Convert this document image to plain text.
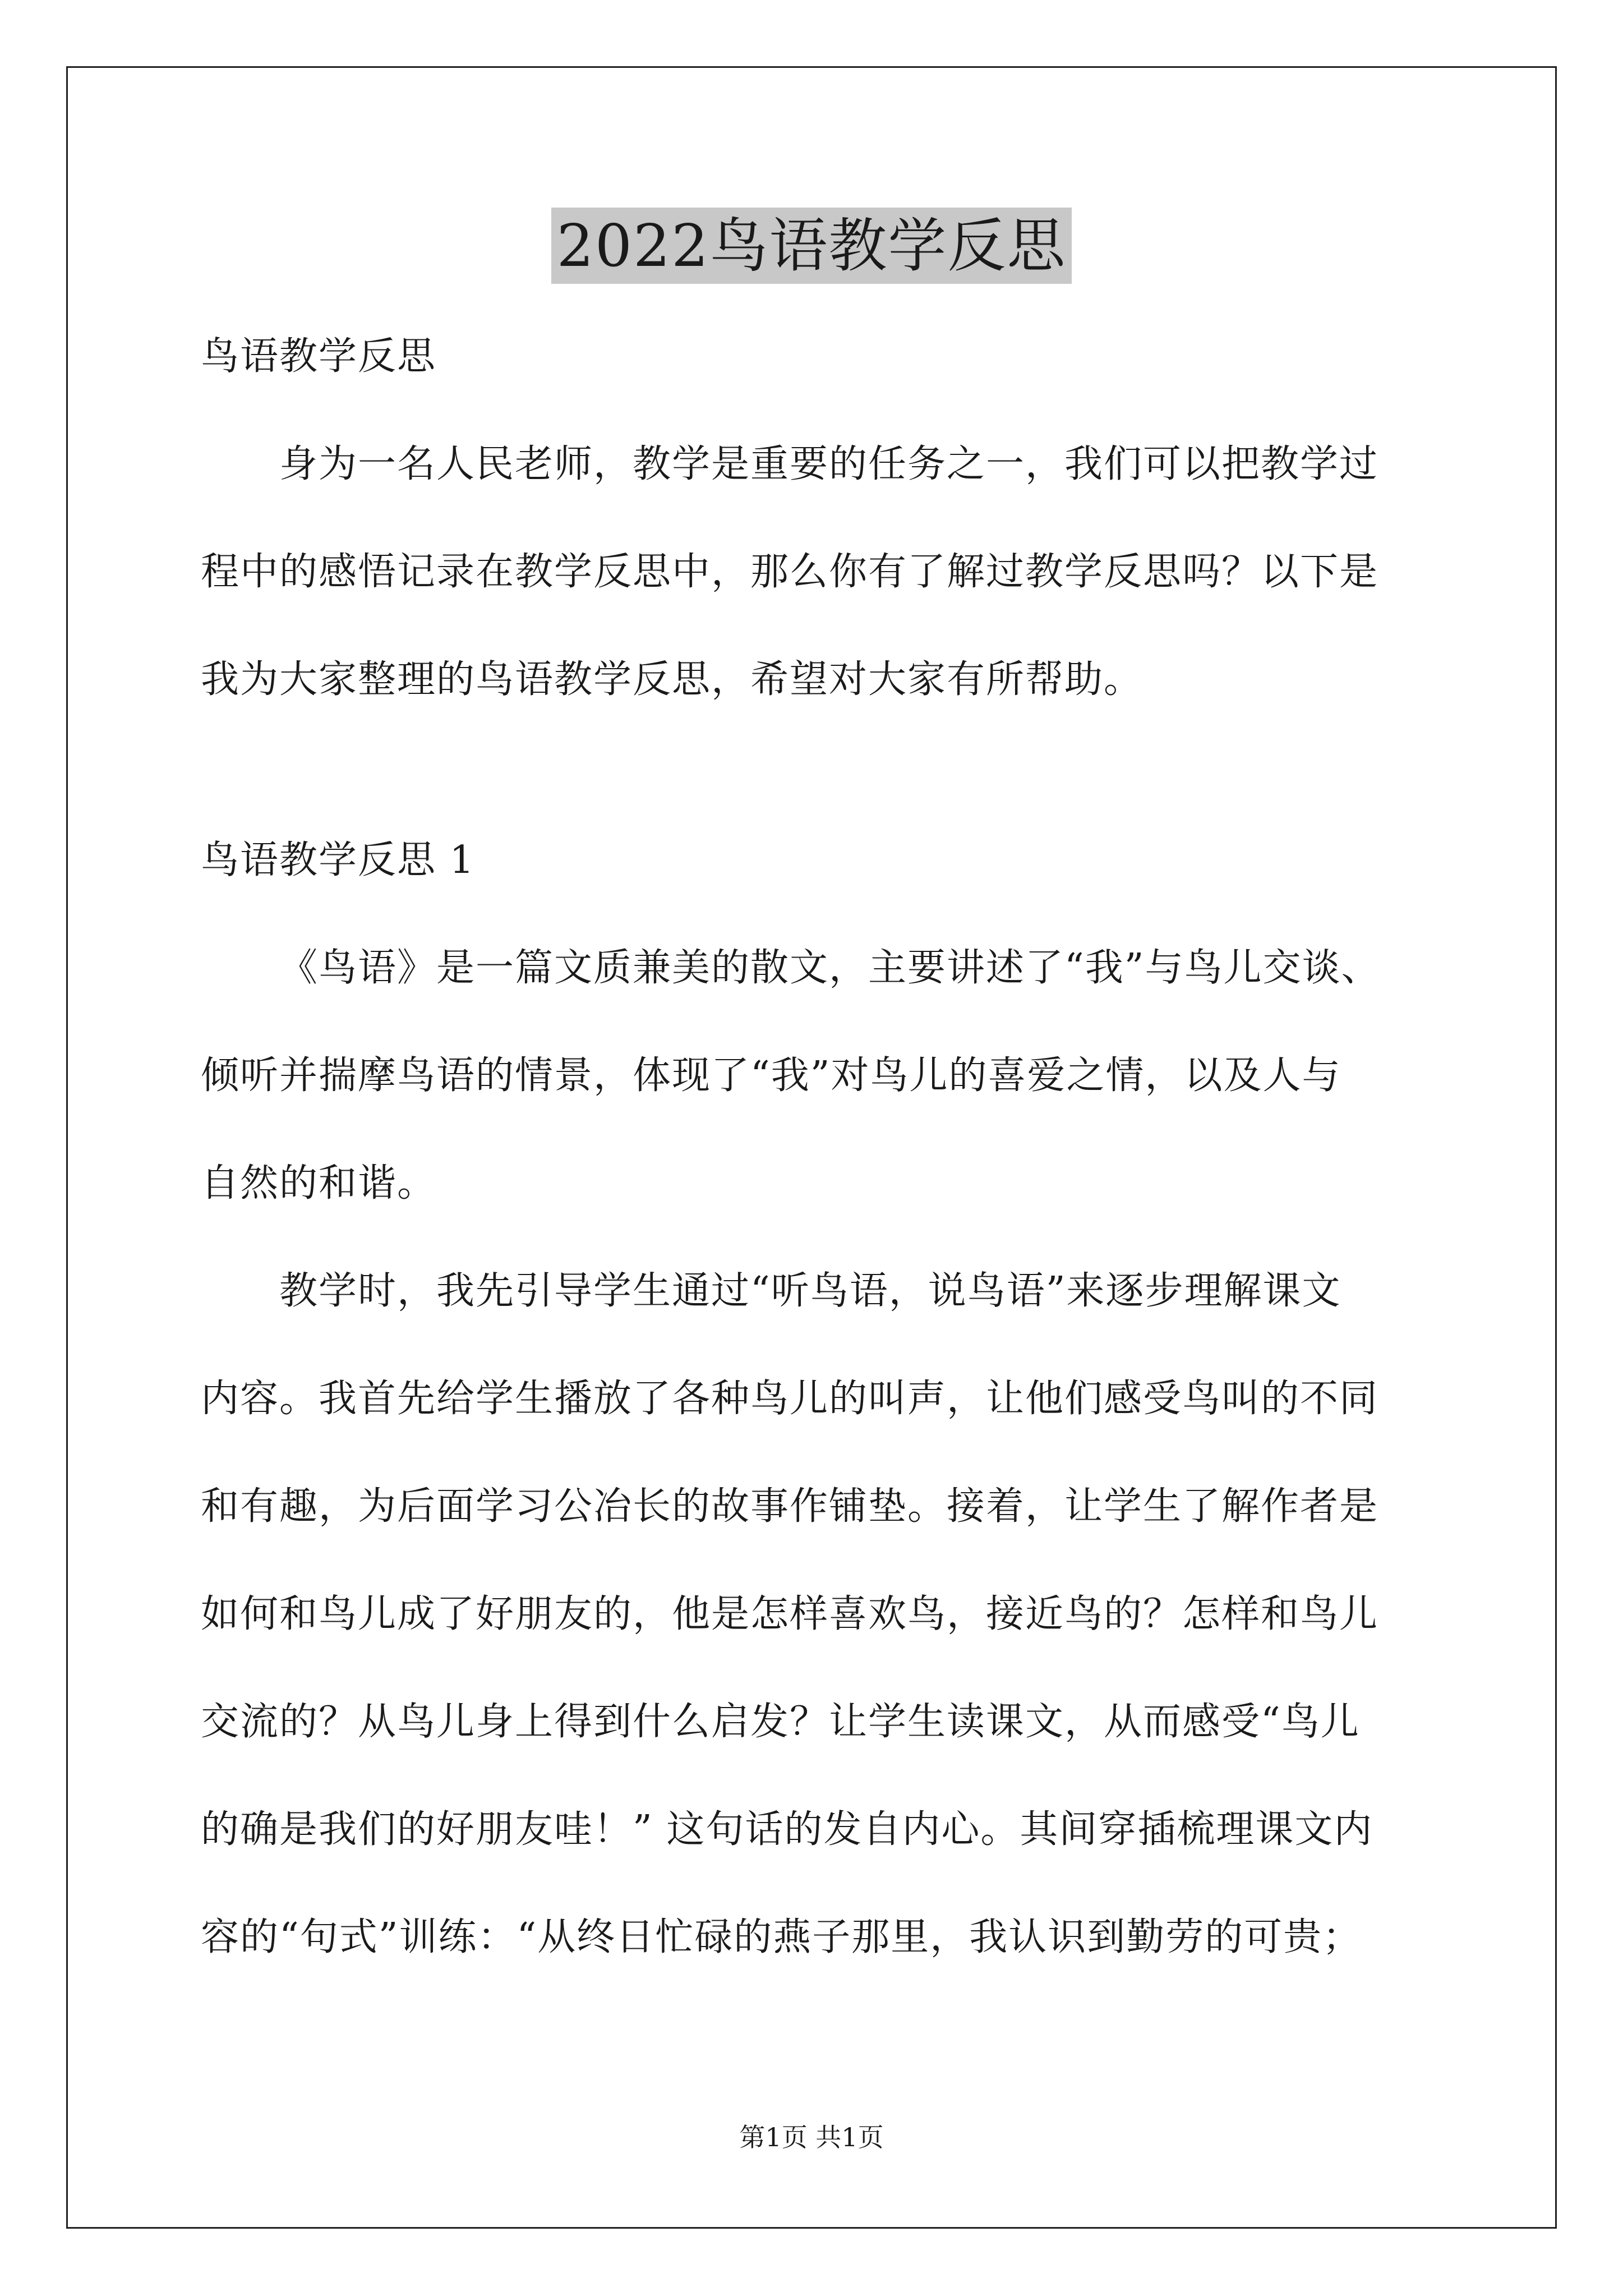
2022鸟语教学反思
鸟语教学反思
身为一名人民老师，教学是重要的任务之一，我们可以把教学过
程中的感悟记录在教学反思中，那么你有了解过教学反思吗？以下是
我为大家整理的鸟语教学反思，希望对大家有所帮助。
鸟语教学反思 1
《鸟语》是一篇文质兼美的散文，主要讲述了“我”与鸟儿交谈、
倾听并揣摩鸟语的情景，体现了“我”对鸟儿的喜爱之情，以及人与
自然的和谐。
教学时，我先引导学生通过“听鸟语，说鸟语”来逐步理解课文
内容。我首先给学生播放了各种鸟儿的叫声，让他们感受鸟叫的不同
和有趣，为后面学习公冶长的故事作铺垫。接着，让学生了解作者是
如何和鸟儿成了好朋友的，他是怎样喜欢鸟，接近鸟的？怎样和鸟儿
交流的？从鸟儿身上得到什么启发？让学生读课文，从而感受“鸟儿
的确是我们的好朋友哇！” 这句话的发自内心。其间穿插梳理课文内
容的“句式”训练：“从终日忙碌的燕子那里，我认识到勤劳的可贵；
第1页 共1页
